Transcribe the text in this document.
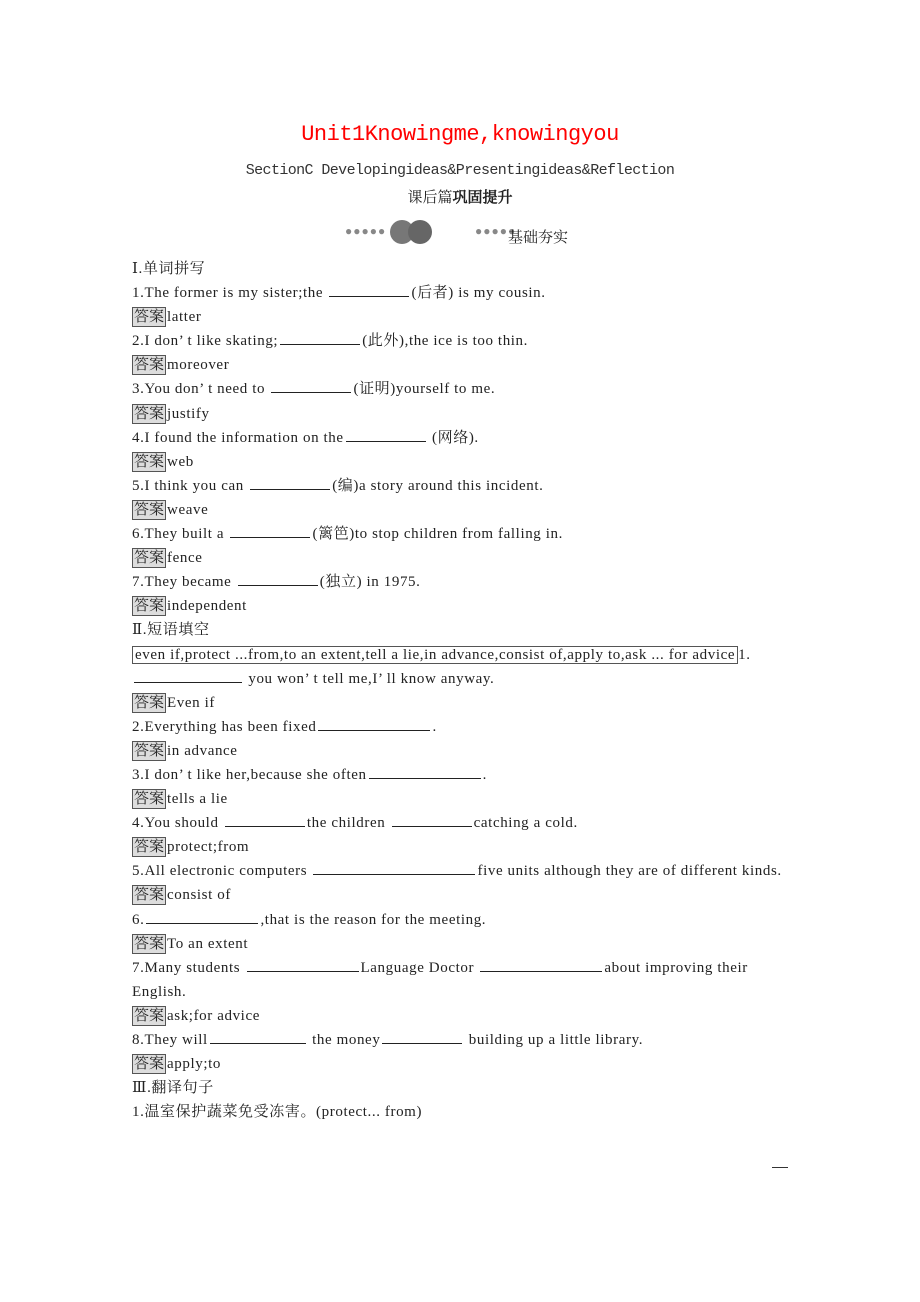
Unit1Knowingme,knowingyou
SectionC Developingideas&Presentingideas&Reflection
课后篇巩固提升
●●●●●	●●●●●
基础夯实
Ⅰ.单词拼写
1.The former is my sister;the	(后者) is my cousin.
答案 latter
2.I don’ t like skating;	(此外),the ice is too thin.
答案 moreover
3.You don’ t need to	(证明)yourself to me.
答案 justify
4.I found the information on the	(网络).
答案 web
5.I think you can	(编)a story around this incident.
答案 weave
6.They built a	(篱笆)to stop children from falling in.
答案 fence
7.They became	(独立) in 1975.
答案 independent
Ⅱ.短语填空
even if,protect ...from,to an extent,tell a lie,in advance,consist of,apply to,ask ... for advice 1. you won’ t tell me,I’ ll know anyway.
答案 Even if
2.Everything has been fixed	.
答案 in advance
3.I don’ t like her,because she often	.
答案 tells a lie
4.You should	the children	catching a cold.
答案 protect;from
5.All electronic computers	five units although they are of different kinds.
答案 consist of
6.	,that is the reason for the meeting.
答案 To an extent
7.Many students	Language Doctor	about improving their English.
答案 ask;for advice
8.They will	the money	building up a little library.
答案 apply;to
Ⅲ.翻译句子
1.温室保护蔬菜免受冻害。(protect... from)
